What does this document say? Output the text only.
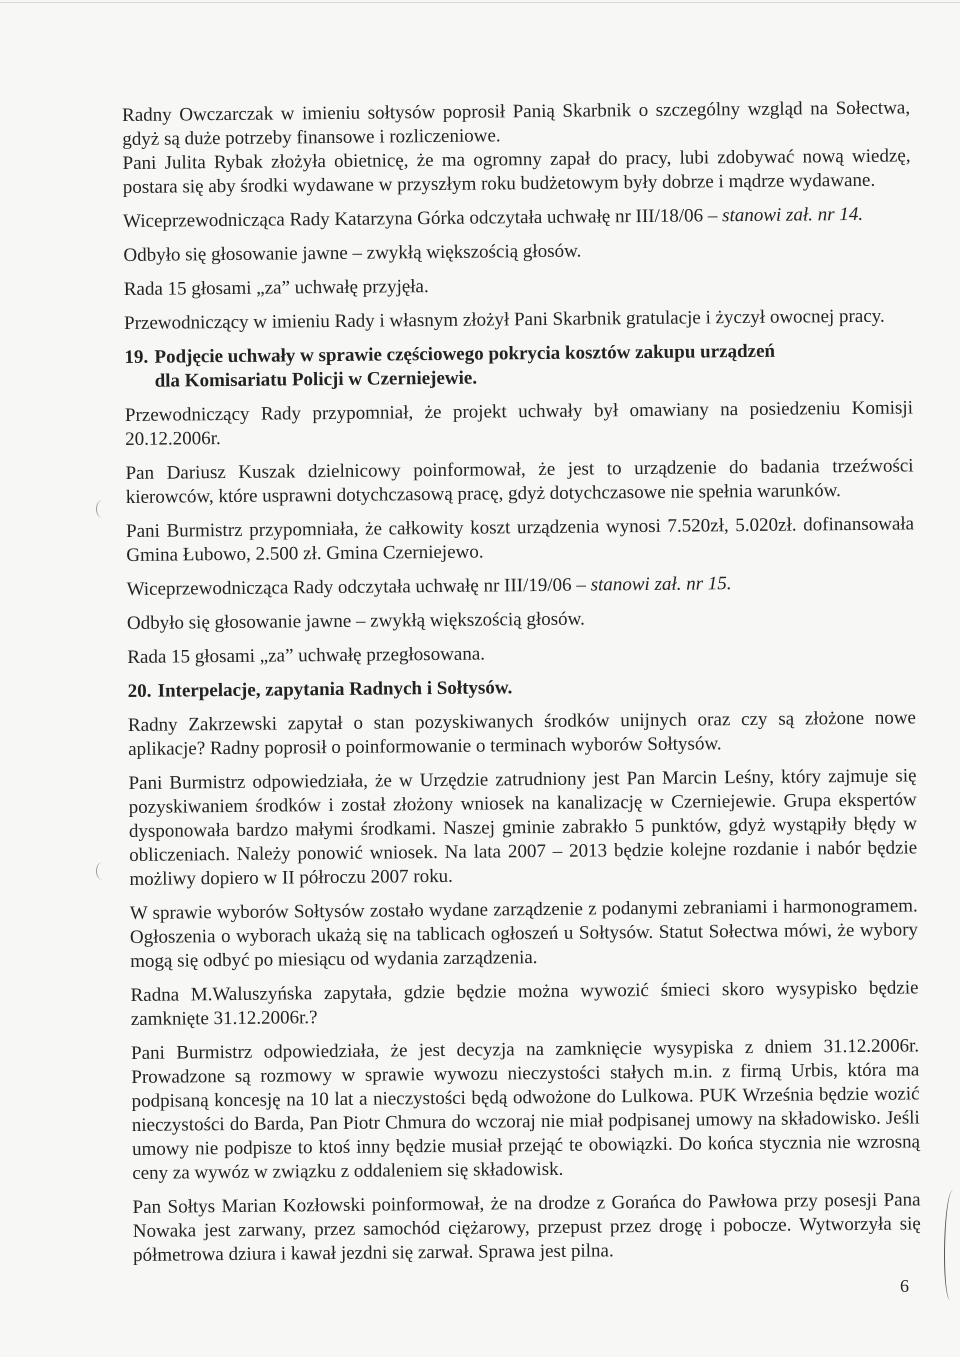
Radny Owczarczak w imieniu sołtysów poprosił Panią Skarbnik o szczególny wzgląd na Sołectwa, gdyż są duże potrzeby finansowe i rozliczeniowe.

Pani Julita Rybak złożyła obietnicę, że ma ogromny zapał do pracy, lubi zdobywać nową wiedzę, postara się aby środki wydawane w przyszłym roku budżetowym były dobrze i mądrze wydawane.

Wiceprzewodnicząca Rady Katarzyna Górka odczytała uchwałę nr III/18/06 – stanowi zał. nr 14.

Odbyło się głosowanie jawne – zwykłą większością głosów.

Rada 15 głosami „za” uchwałę przyjęła.

Przewodniczący w imieniu Rady i własnym złożył Pani Skarbnik gratulacje i życzył owocnej pracy.

19. Podjęcie uchwały w sprawie częściowego pokrycia kosztów zakupu urządzeń
dla Komisariatu Policji w Czerniejewie.

Przewodniczący Rady przypomniał, że projekt uchwały był omawiany na posiedzeniu Komisji 20.12.2006r.

Pan Dariusz Kuszak dzielnicowy poinformował, że jest to urządzenie do badania trzeźwości kierowców, które usprawni dotychczasową pracę, gdyż dotychczasowe nie spełnia warunków.

Pani Burmistrz przypomniała, że całkowity koszt urządzenia wynosi 7.520zł, 5.020zł. dofinansowała Gmina Łubowo, 2.500 zł. Gmina Czerniejewo.

Wiceprzewodnicząca Rady odczytała uchwałę nr III/19/06 – stanowi zał. nr 15.

Odbyło się głosowanie jawne – zwykłą większością głosów.

Rada 15 głosami „za” uchwałę przegłosowana.

20. Interpelacje, zapytania Radnych i Sołtysów.

Radny Zakrzewski zapytał o stan pozyskiwanych środków unijnych oraz czy są złożone nowe aplikacje? Radny poprosił o poinformowanie o terminach wyborów Sołtysów.

Pani Burmistrz odpowiedziała, że w Urzędzie zatrudniony jest Pan Marcin Leśny, który zajmuje się pozyskiwaniem środków i został złożony wniosek na kanalizację w Czerniejewie. Grupa ekspertów dysponowała bardzo małymi środkami. Naszej gminie zabrakło 5 punktów, gdyż wystąpiły błędy w obliczeniach. Należy ponowić wniosek. Na lata 2007 – 2013 będzie kolejne rozdanie i nabór będzie możliwy dopiero w II półroczu 2007 roku.

W sprawie wyborów Sołtysów zostało wydane zarządzenie z podanymi zebraniami i harmonogramem. Ogłoszenia o wyborach ukażą się na tablicach ogłoszeń u Sołtysów. Statut Sołectwa mówi, że wybory mogą się odbyć po miesiącu od wydania zarządzenia.

Radna M.Waluszyńska zapytała, gdzie będzie można wywozić śmieci skoro wysypisko będzie zamknięte 31.12.2006r.?

Pani Burmistrz odpowiedziała, że jest decyzja na zamknięcie wysypiska z dniem 31.12.2006r. Prowadzone są rozmowy w sprawie wywozu nieczystości stałych m.in. z firmą Urbis, która ma podpisaną koncesję na 10 lat a nieczystości będą odwożone do Lulkowa. PUK Września będzie wozić nieczystości do Barda, Pan Piotr Chmura do wczoraj nie miał podpisanej umowy na składowisko. Jeśli umowy nie podpisze to ktoś inny będzie musiał przejąć te obowiązki. Do końca stycznia nie wzrosną ceny za wywóz w związku z oddaleniem się składowisk.

Pan Sołtys Marian Kozłowski poinformował, że na drodze z Gorańca do Pawłowa przy posesji Pana Nowaka jest zarwany, przez samochód ciężarowy, przepust przez drogę i pobocze. Wytworzyła się półmetrowa dziura i kawał jezdni się zarwał. Sprawa jest pilna.

6
